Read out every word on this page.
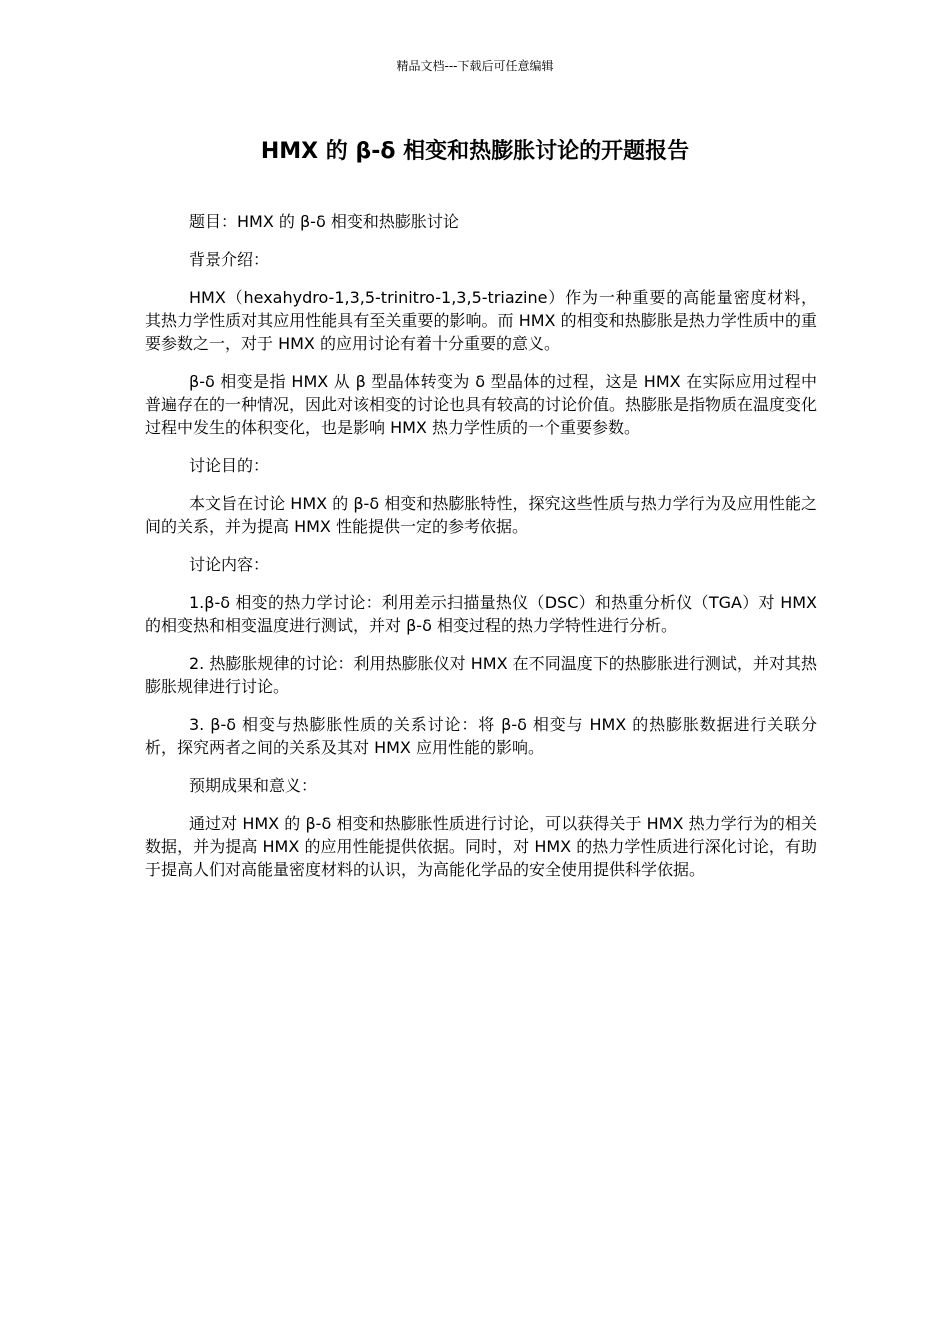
精品文档---下载后可任意编辑
HMX 的 β-δ 相变和热膨胀讨论的开题报告

题目：HMX 的 β-δ 相变和热膨胀讨论

背景介绍：

HMX（hexahydro-1,3,5-trinitro-1,3,5-triazine）作为一种重要的高能量密度材料，其热力学性质对其应用性能具有至关重要的影响。而 HMX 的相变和热膨胀是热力学性质中的重要参数之一，对于 HMX 的应用讨论有着十分重要的意义。

β-δ 相变是指 HMX 从 β 型晶体转变为 δ 型晶体的过程，这是 HMX 在实际应用过程中普遍存在的一种情况，因此对该相变的讨论也具有较高的讨论价值。热膨胀是指物质在温度变化过程中发生的体积变化，也是影响 HMX 热力学性质的一个重要参数。

讨论目的：

本文旨在讨论 HMX 的 β-δ 相变和热膨胀特性，探究这些性质与热力学行为及应用性能之间的关系，并为提高 HMX 性能提供一定的参考依据。

讨论内容：

1.β-δ 相变的热力学讨论：利用差示扫描量热仪（DSC）和热重分析仪（TGA）对 HMX 的相变热和相变温度进行测试，并对 β-δ 相变过程的热力学特性进行分析。

2. 热膨胀规律的讨论：利用热膨胀仪对 HMX 在不同温度下的热膨胀进行测试，并对其热膨胀规律进行讨论。

3. β-δ 相变与热膨胀性质的关系讨论：将 β-δ 相变与 HMX 的热膨胀数据进行关联分析，探究两者之间的关系及其对 HMX 应用性能的影响。

预期成果和意义：

通过对 HMX 的 β-δ 相变和热膨胀性质进行讨论，可以获得关于 HMX 热力学行为的相关数据，并为提高 HMX 的应用性能提供依据。同时，对 HMX 的热力学性质进行深化讨论，有助于提高人们对高能量密度材料的认识，为高能化学品的安全使用提供科学依据。
